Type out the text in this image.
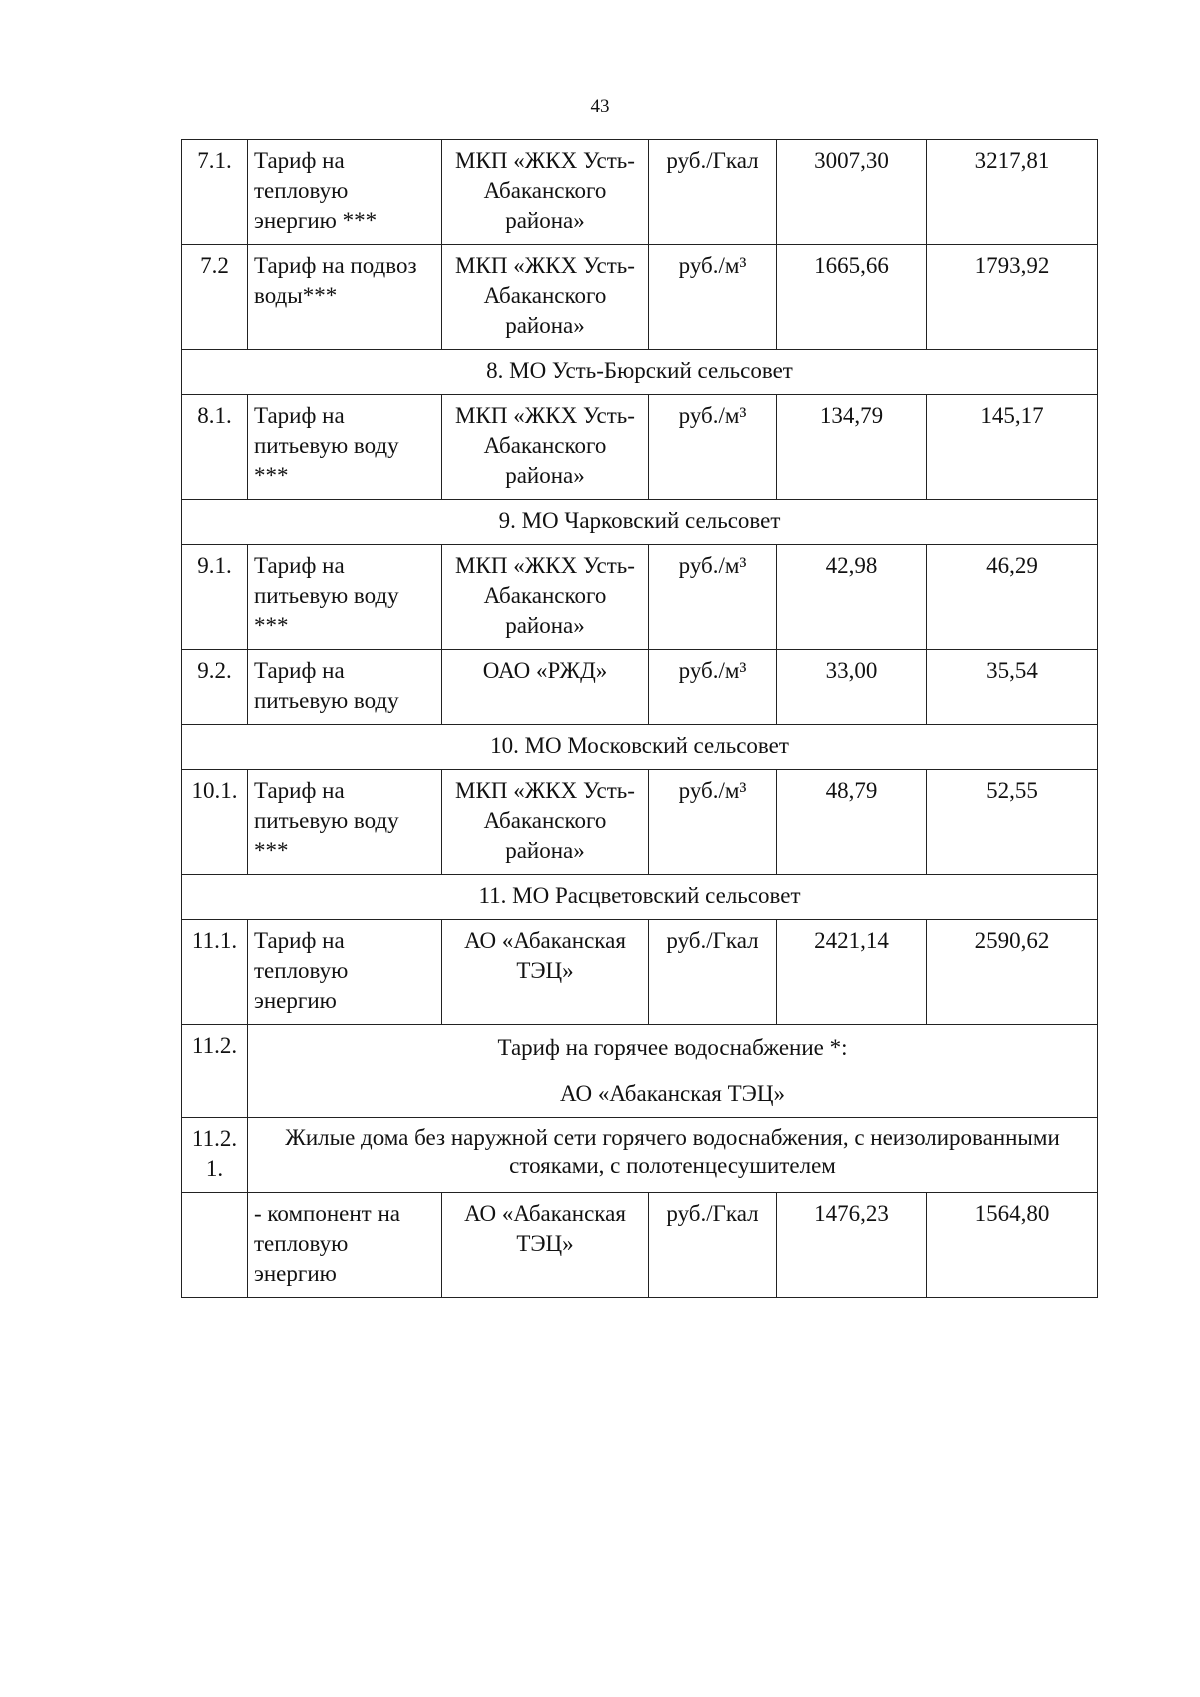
43
7.1.	Тариф на тепловую энергию ***	МКП «ЖКХ Усть-Абаканского района»	руб./Гкал	3007,30	3217,81
7.2	Тариф на подвоз воды***	МКП «ЖКХ Усть-Абаканского района»	руб./м³	1665,66	1793,92
8. МО Усть-Бюрский сельсовет					
8.1.	Тариф на питьевую воду ***	МКП «ЖКХ Усть-Абаканского района»	руб./м³	134,79	145,17
9. МО Чарковский сельсовет					
9.1.	Тариф на питьевую воду ***	МКП «ЖКХ Усть-Абаканского района»	руб./м³	42,98	46,29
9.2.	Тариф на питьевую воду	ОАО «РЖД»	руб./м³	33,00	35,54
10. МО Московский сельсовет					
10.1.	Тариф на питьевую воду ***	МКП «ЖКХ Усть-Абаканского района»	руб./м³	48,79	52,55
11. МО Расцветовский сельсовет					
11.1.	Тариф на тепловую энергию	АО «Абаканская ТЭЦ»	руб./Гкал	2421,14	2590,62
11.2.	Тариф на горячее водоснабжение *:
АО «Абаканская ТЭЦ»				

11.2. 1.	Жилые дома без наружной сети горячего водоснабжения, с неизолированными стояками, с полотенцесушителем				
	- компонент на тепловую энергию	АО «Абаканская ТЭЦ»	руб./Гкал	1476,23	1564,80
